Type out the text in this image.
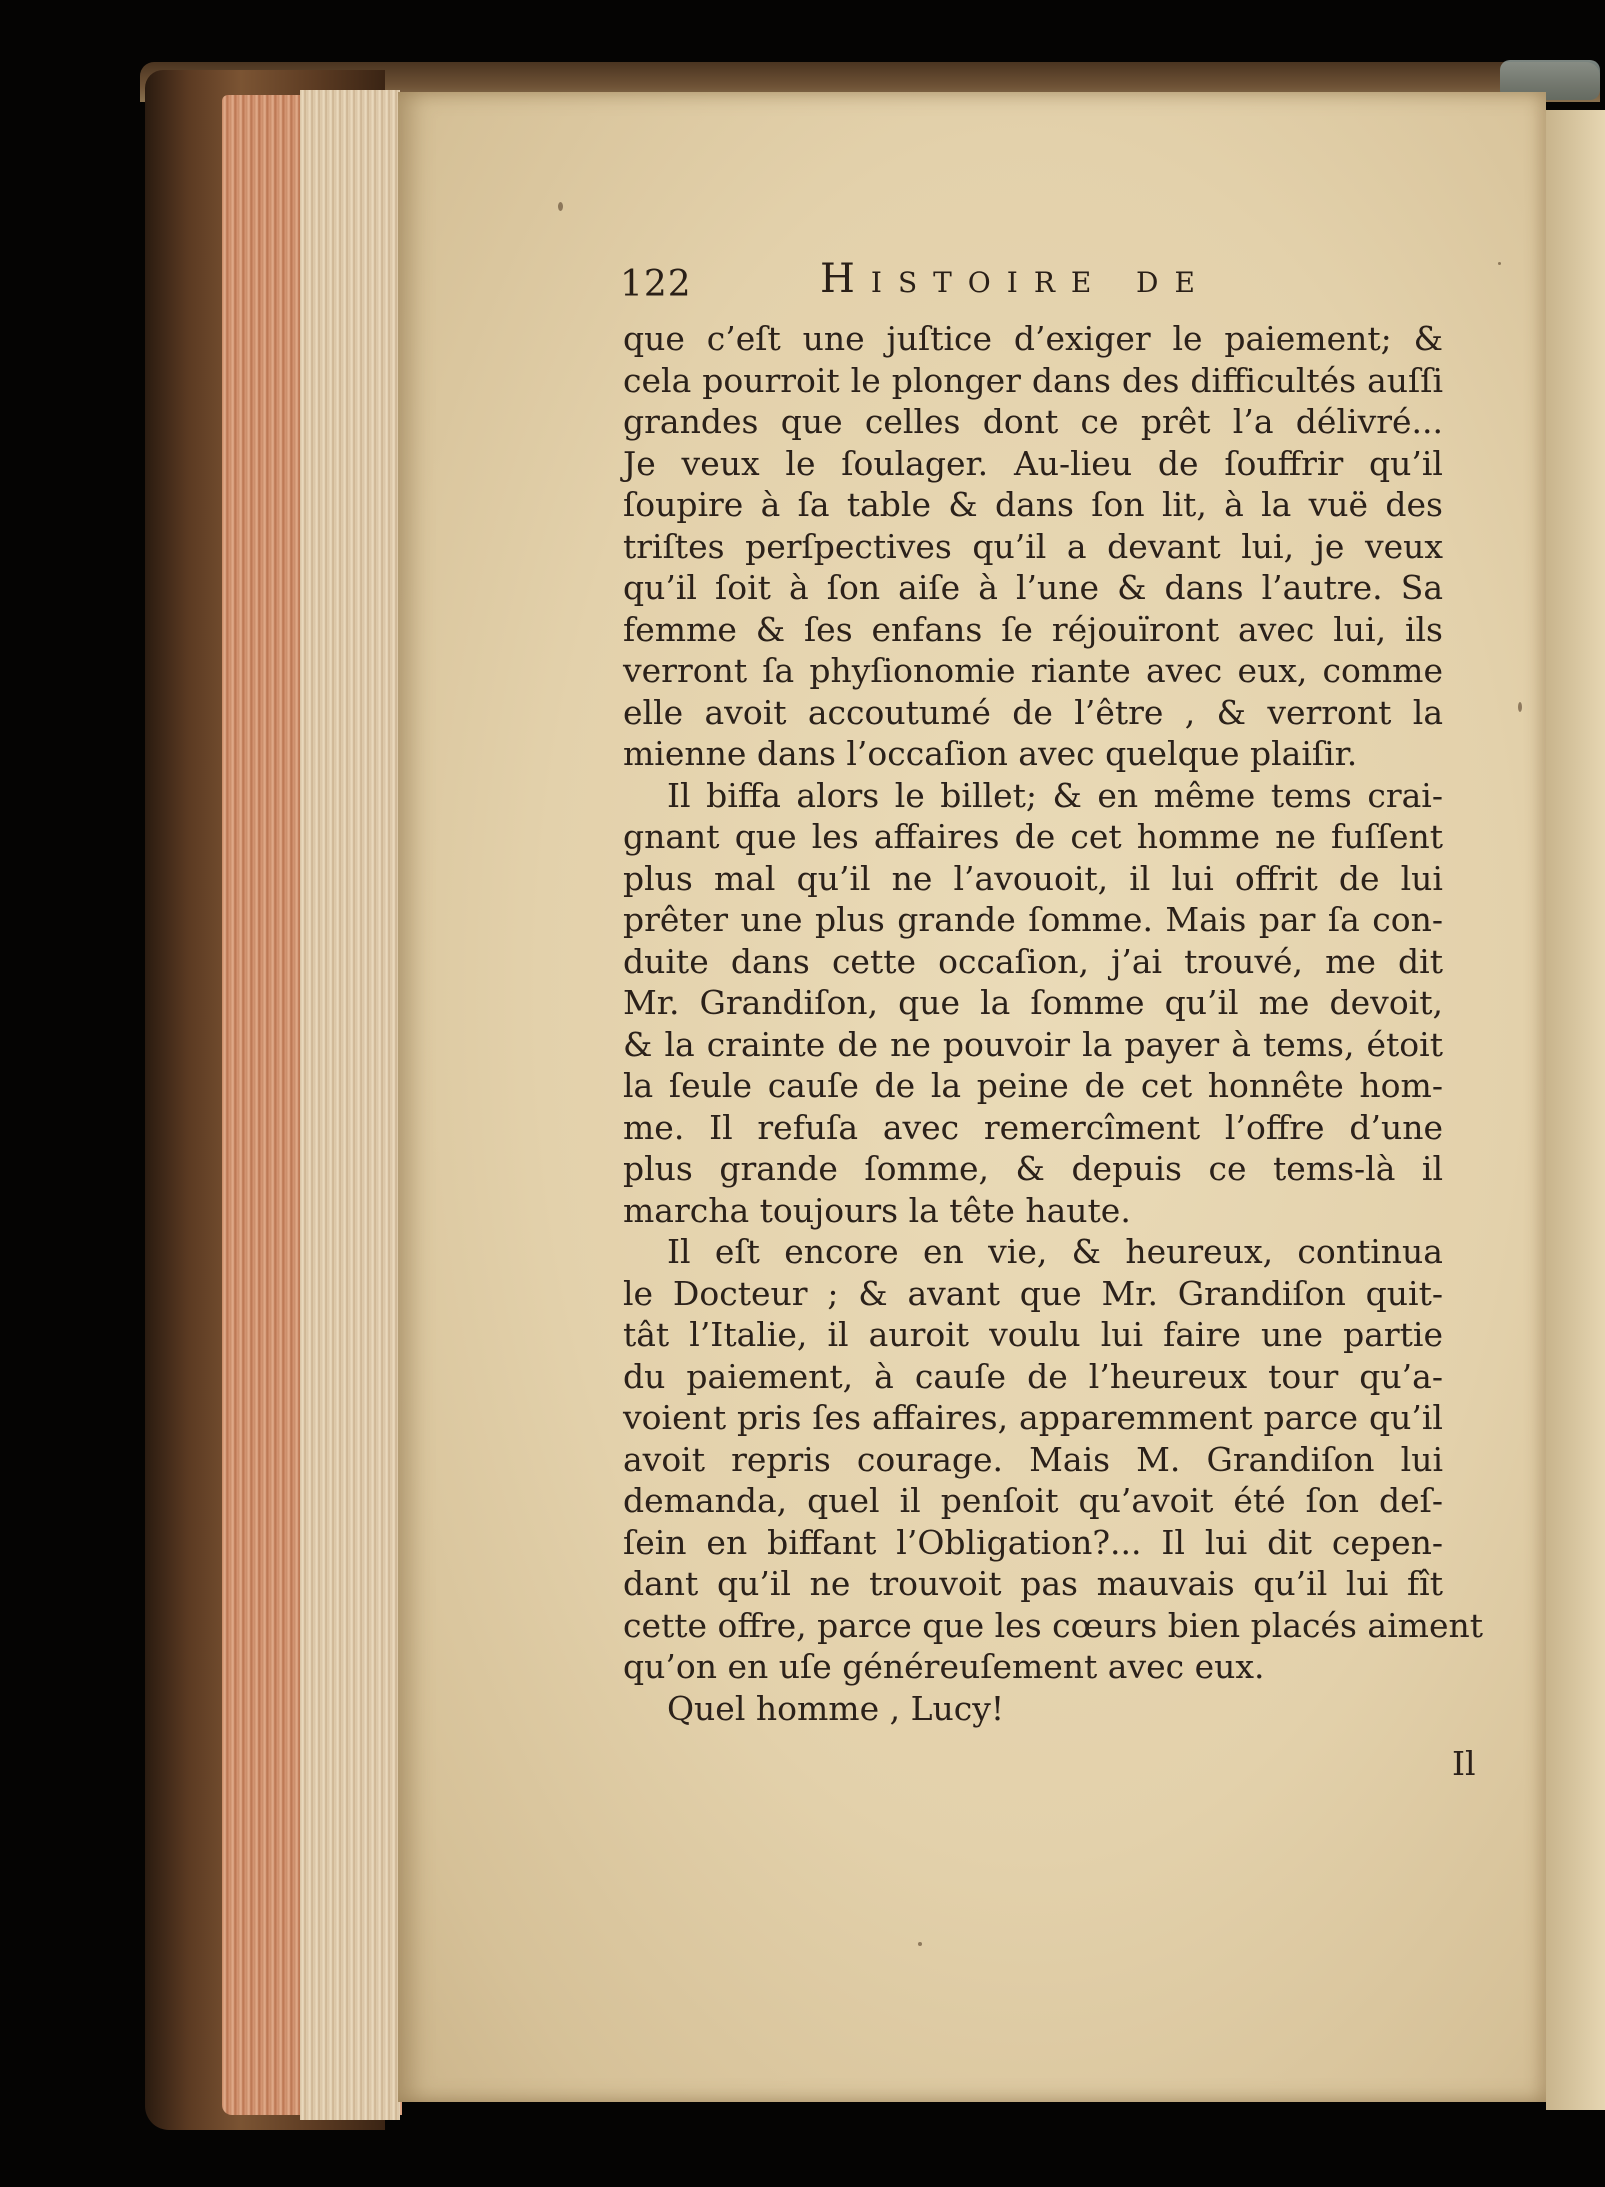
122	Histoire de
que c’eſt une juſtice d’exiger le paiement; &
cela pourroit le plonger dans des difficultés auſſi
grandes que celles dont ce prêt l’a délivré...
Je veux le ſoulager. Au-lieu de ſouffrir qu’il
ſoupire à ſa table & dans ſon lit, à la vuë des
triſtes perſpectives qu’il a devant lui, je veux
qu’il ſoit à ſon aiſe à l’une & dans l’autre. Sa
femme & ſes enfans ſe réjouïront avec lui, ils
verront ſa phyſionomie riante avec eux, comme
elle avoit accoutumé de l’être , & verront la
mienne dans l’occaſion avec quelque plaiſir.
Il biffa alors le billet; & en même tems crai-
gnant que les affaires de cet homme ne fuſſent
plus mal qu’il ne l’avouoit, il lui offrit de lui
prêter une plus grande ſomme. Mais par ſa con-
duite dans cette occaſion, j’ai trouvé, me dit
Mr. Grandiſon, que la ſomme qu’il me devoit,
& la crainte de ne pouvoir la payer à tems, étoit
la ſeule cauſe de la peine de cet honnête hom-
me. Il refuſa avec remercîment l’offre d’une
plus grande ſomme, & depuis ce tems-là il
marcha toujours la tête haute.
Il eſt encore en vie, & heureux, continua
le Docteur ; & avant que Mr. Grandiſon quit-
tât l’Italie, il auroit voulu lui faire une partie
du paiement, à cauſe de l’heureux tour qu’a-
voient pris ſes affaires, apparemment parce qu’il
avoit repris courage. Mais M. Grandiſon lui
demanda, quel il penſoit qu’avoit été ſon deſ-
ſein en biffant l’Obligation?... Il lui dit cepen-
dant qu’il ne trouvoit pas mauvais qu’il lui fît
cette offre, parce que les cœurs bien placés aiment
qu’on en uſe généreuſement avec eux.
Quel homme , Lucy!
Il
